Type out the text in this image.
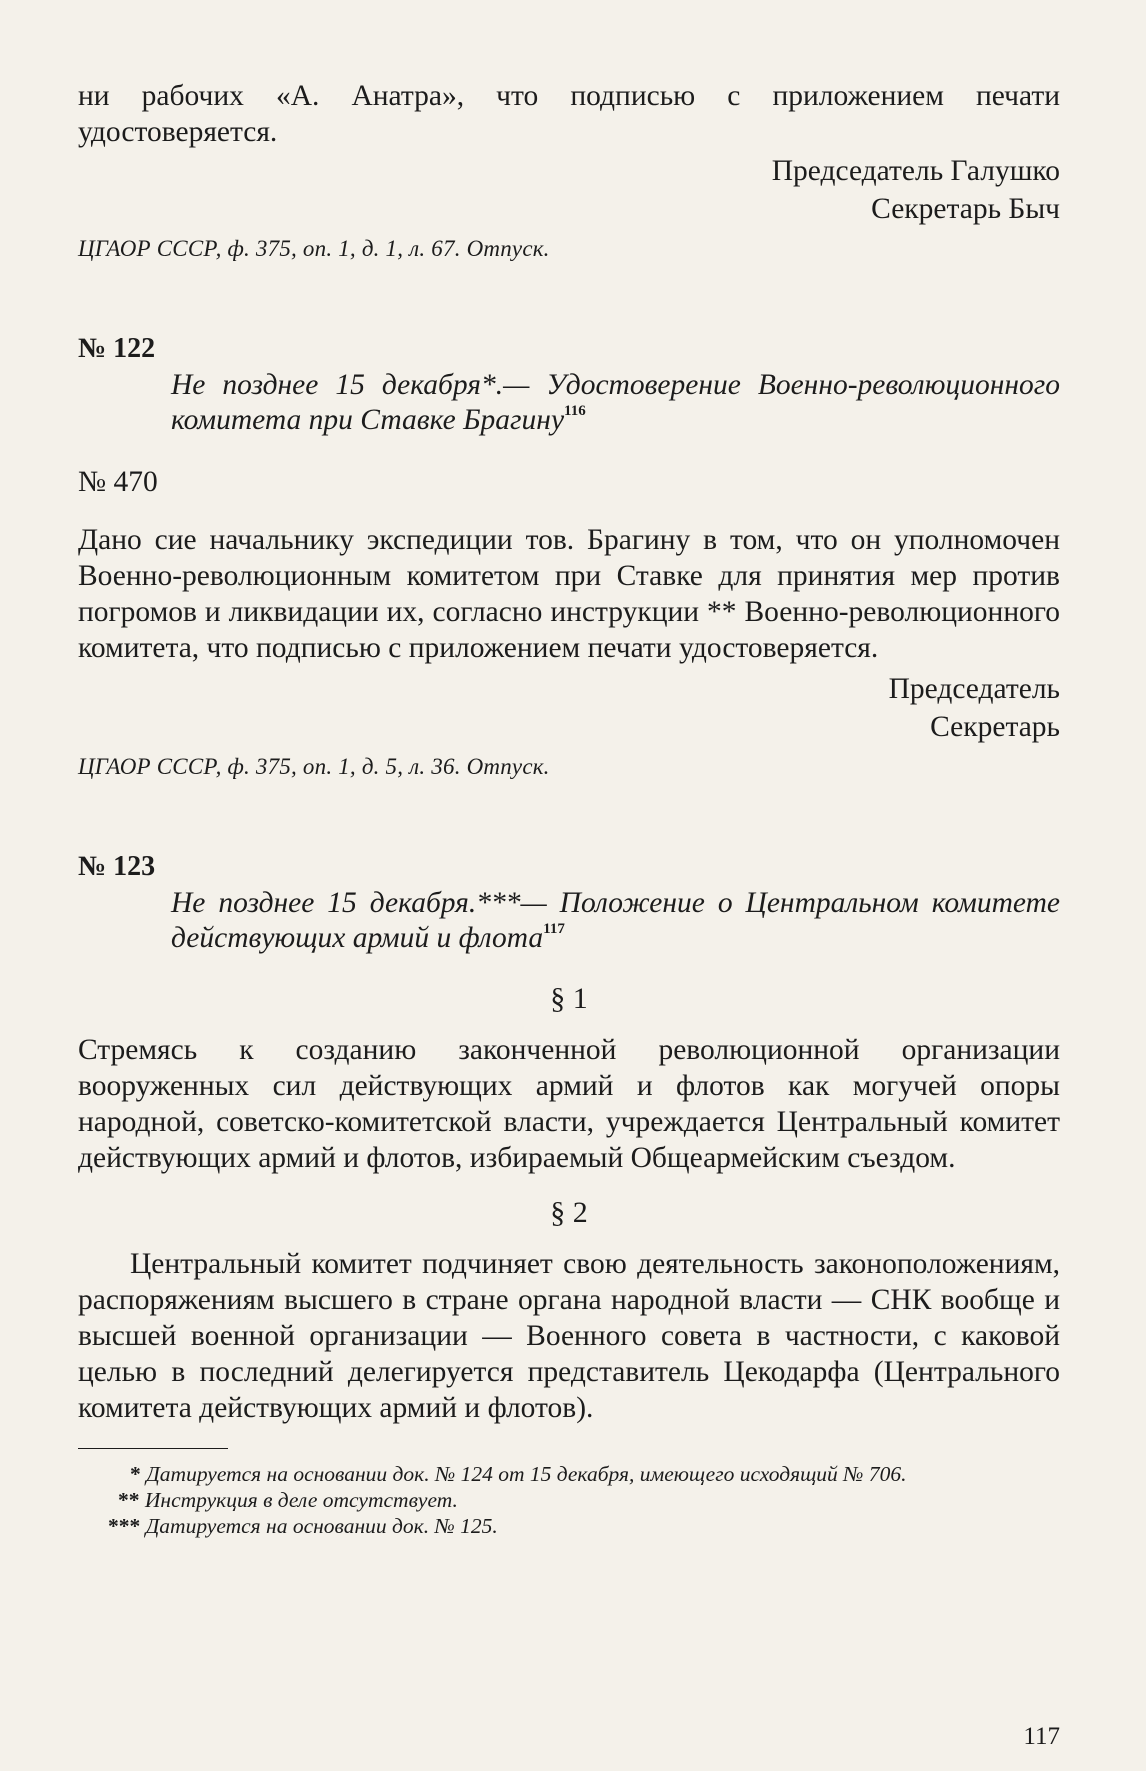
ни рабочих «А. Анатра», что подписью с приложением печати удостоверяется.

Председатель Галушко

Секретарь Быч

ЦГАОР СССР, ф. 375, оп. 1, д. 1, л. 67. Отпуск.

№ 122

Не позднее 15 декабря*.— Удостоверение Военно-революционного комитета при Ставке Брагину$^{116}$

№ 470

Дано сие начальнику экспедиции тов. Брагину в том, что он уполномочен Военно-революционным комитетом при Ставке для принятия мер против погромов и ликвидации их, согласно инструкции ** Военно-революционного комитета, что подписью с приложением печати удостоверяется.

Председатель

Секретарь

ЦГАОР СССР, ф. 375, оп. 1, д. 5, л. 36. Отпуск.

№ 123

Не позднее 15 декабря.***— Положение о Центральном комитете действующих армий и флота$^{117}$

§ 1

Стремясь к созданию законченной революционной организации вооруженных сил действующих армий и флотов как могучей опоры народной, советско-комитетской власти, учреждается Центральный комитет действующих армий и флотов, избираемый Общеармейским съездом.

§ 2

Центральный комитет подчиняет свою деятельность законоположениям, распоряжениям высшего в стране органа народной власти — СНК вообще и высшей военной организации — Военного совета в частности, с каковой целью в последний делегируется представитель Цекодарфа (Центрального комитета действующих армий и флотов).

* Датируется на основании док. № 124 от 15 декабря, имеющего исходящий № 706.

** Инструкция в деле отсутствует.

*** Датируется на основании док. № 125.

117
